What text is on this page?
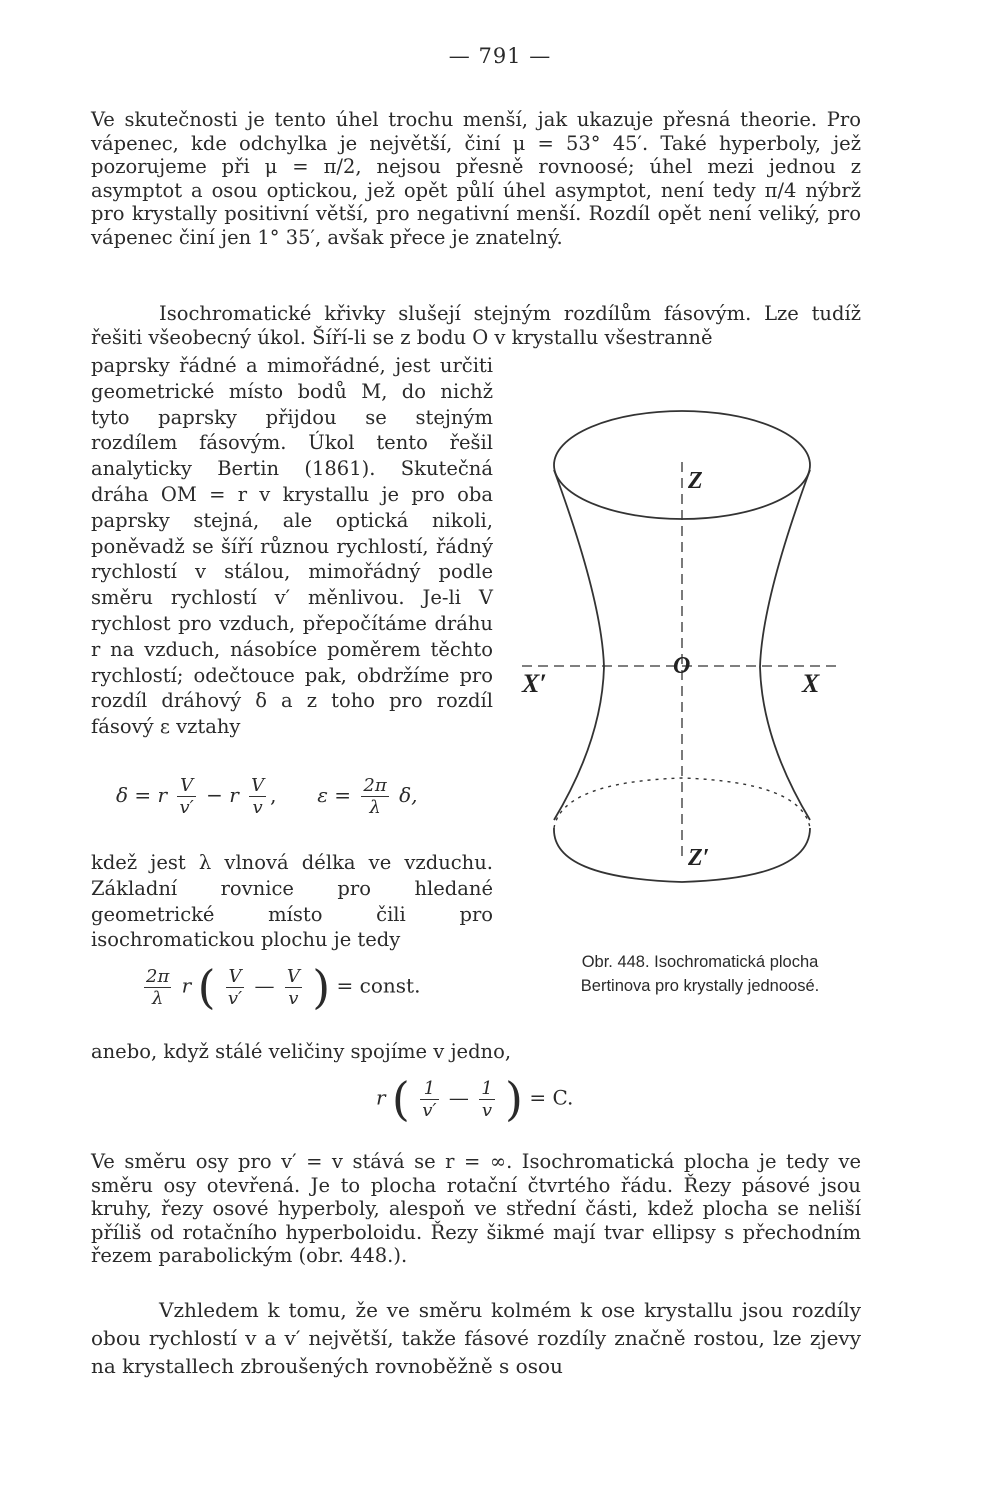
— 791 —

Ve skutečnosti je tento úhel trochu menší, jak ukazuje přesná theorie. Pro vápenec, kde odchylka je největší, činí μ = 53° 45′. Také hyperboly, jež pozorujeme při μ = π/2, nejsou přesně rovnoosé; úhel mezi jednou z asymptot a osou optickou, jež opět půlí úhel asymptot, není tedy π/4 nýbrž pro krystally positivní větší, pro negativní menší. Rozdíl opět není veliký, pro vápenec činí jen 1° 35′, avšak přece je znatelný.

Isochromatické křivky slušejí stejným rozdílům fásovým. Lze tudíž řešiti všeobecný úkol. Šíří-li se z bodu O v krystallu všestranně

paprsky řádné a mimořádné, jest určiti geometrické místo bodů M, do nichž tyto paprsky přijdou se stejným rozdílem fásovým. Úkol tento řešil analyticky Bertin (1861). Skutečná dráha OM = r v krystallu je pro oba paprsky stejná, ale optická nikoli, poněvadž se šíří různou rychlostí, řádný rychlostí v stálou, mimořádný podle směru rychlostí v′ měnlivou. Je-li V rychlost pro vzduch, přepočítáme dráhu r na vzduch, násobíce poměrem těchto rychlostí; odečtouce pak, obdržíme pro rozdíl dráhový δ a z toho pro rozdíl fásový ε vztahy

δ = r $\frac{V}{v'} - r \frac{V}{v}$ , $\varepsilon = \frac{2\pi}{\lambda} \delta$,

kdež jest λ vlnová délka ve vzduchu. Základní rovnice pro hledané geometrické místo čili pro isochromatickou plochu je tedy

$\frac{2\pi}{\lambda}$ r ( $\frac{V}{v'}$ — $\frac{V}{v}$ ) = const.

anebo, když stálé veličiny spojíme v jedno,

r ( $\frac{1}{v'}$ — $\frac{1}{v}$ ) = C.

Ve směru osy pro v′ = v stává se r = ∞. Isochromatická plocha je tedy ve směru osy otevřená. Je to plocha rotační čtvrtého řádu. Řezy pásové jsou kruhy, řezy osové hyperboly, alespoň ve střední části, kdež plocha se neliší příliš od rotačního hyperboloidu. Řezy šikmé mají tvar ellipsy s přechodním řezem parabolickým (obr. 448.).

Vzhledem k tomu, že ve směru kolmém k ose krystallu jsou rozdíly obou rychlostí v a v′ největší, takže fásové rozdíly značně rostou, lze zjevy na krystallech zbroušených rovnoběžně s osou

Z
Z′
O
X
X′
Obr. 448. Isochromatická plocha
Bertinova pro krystally jednoosé.
